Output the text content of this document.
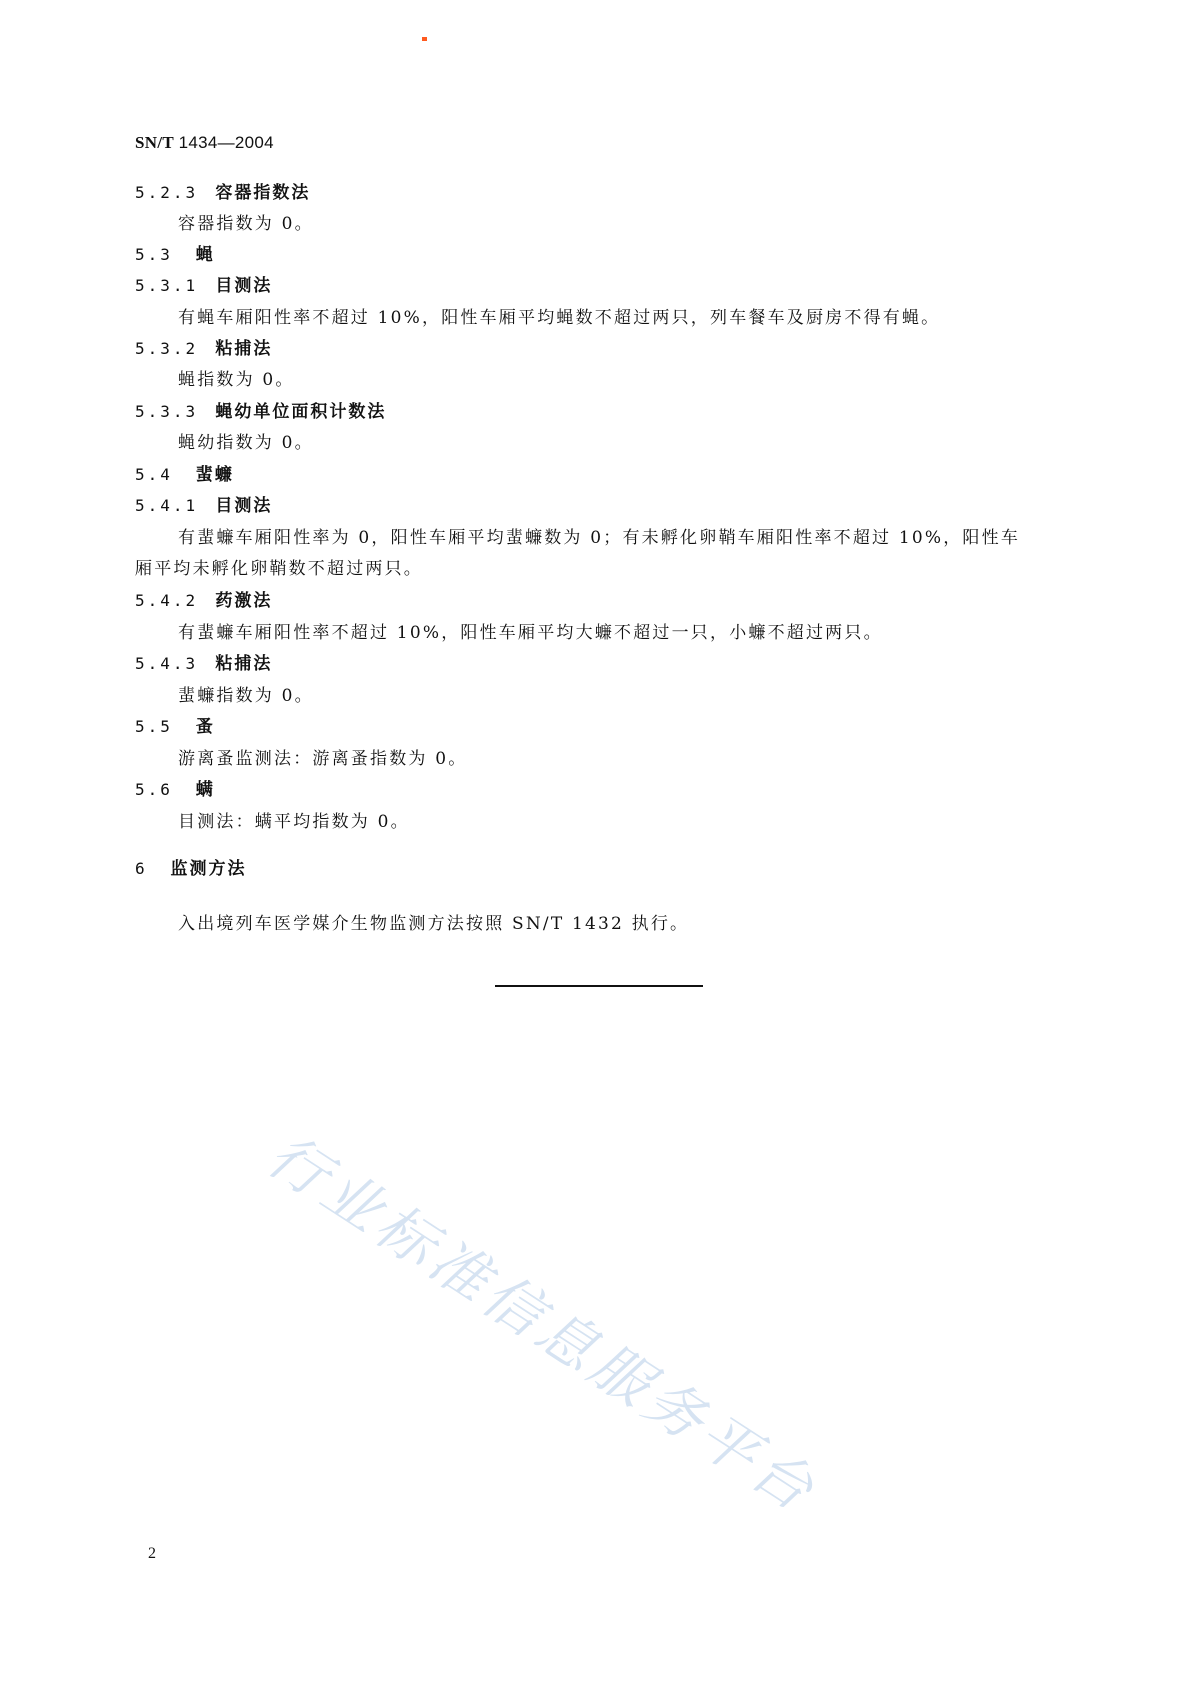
SN/T 1434—2004
5.2.3 容器指数法
容器指数为 0。
5.3 蝇
5.3.1 目测法
有蝇车厢阳性率不超过 10%，阳性车厢平均蝇数不超过两只，列车餐车及厨房不得有蝇。
5.3.2 粘捕法
蝇指数为 0。
5.3.3 蝇幼单位面积计数法
蝇幼指数为 0。
5.4 蜚蠊
5.4.1 目测法
有蜚蠊车厢阳性率为 0，阳性车厢平均蜚蠊数为 0；有未孵化卵鞘车厢阳性率不超过 10%，阳性车
厢平均未孵化卵鞘数不超过两只。
5.4.2 药激法
有蜚蠊车厢阳性率不超过 10%，阳性车厢平均大蠊不超过一只，小蠊不超过两只。
5.4.3 粘捕法
蜚蠊指数为 0。
5.5 蚤
游离蚤监测法：游离蚤指数为 0。
5.6 螨
目测法：螨平均指数为 0。
6 监测方法
入出境列车医学媒介生物监测方法按照 SN/T 1432 执行。
行业标准信息服务平台
2
